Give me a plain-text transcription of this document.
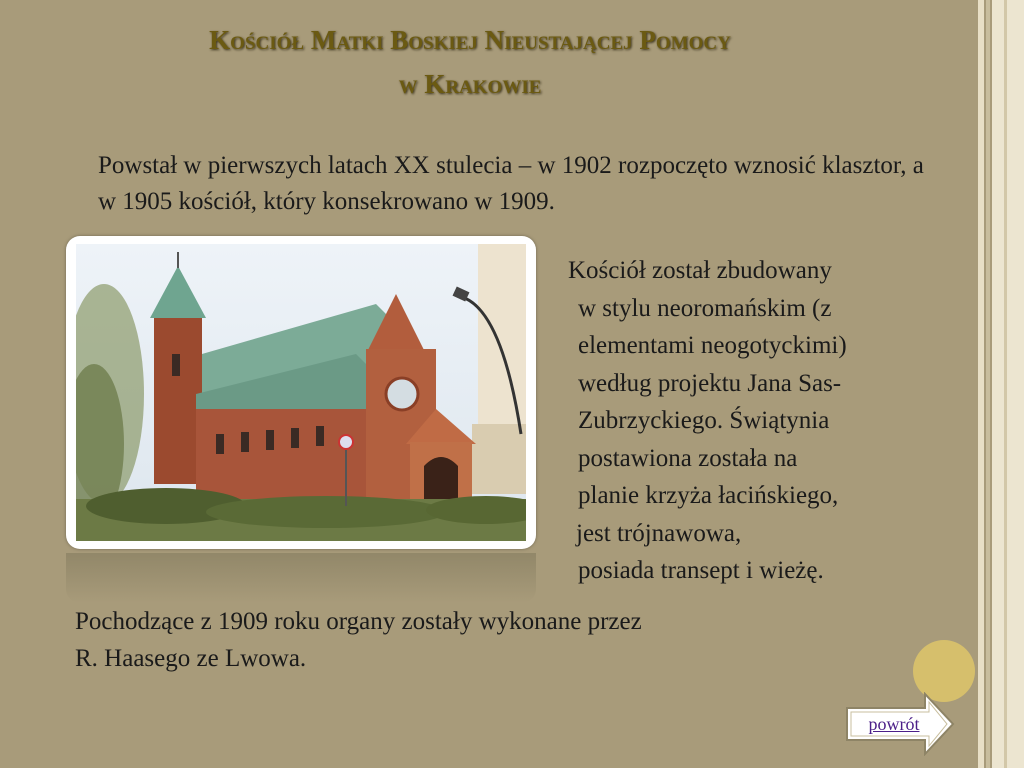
Kościół Matki Boskiej Nieustającej Pomocy
w Krakowie
Powstał w pierwszych latach XX stulecia – w 1902 rozpoczęto wznosić klasztor, a w 1905 kościół, który konsekrowano w 1909.
Kościół został zbudowany
w stylu neoromańskim (z
elementami neogotyckimi)
według projektu Jana Sas-
Zubrzyckiego. Świątynia
postawiona została na
planie krzyża łacińskiego,
jest trójnawowa,
posiada transept i wieżę.
Pochodzące z 1909 roku organy zostały wykonane przez
R. Haasego ze Lwowa.
powrót
